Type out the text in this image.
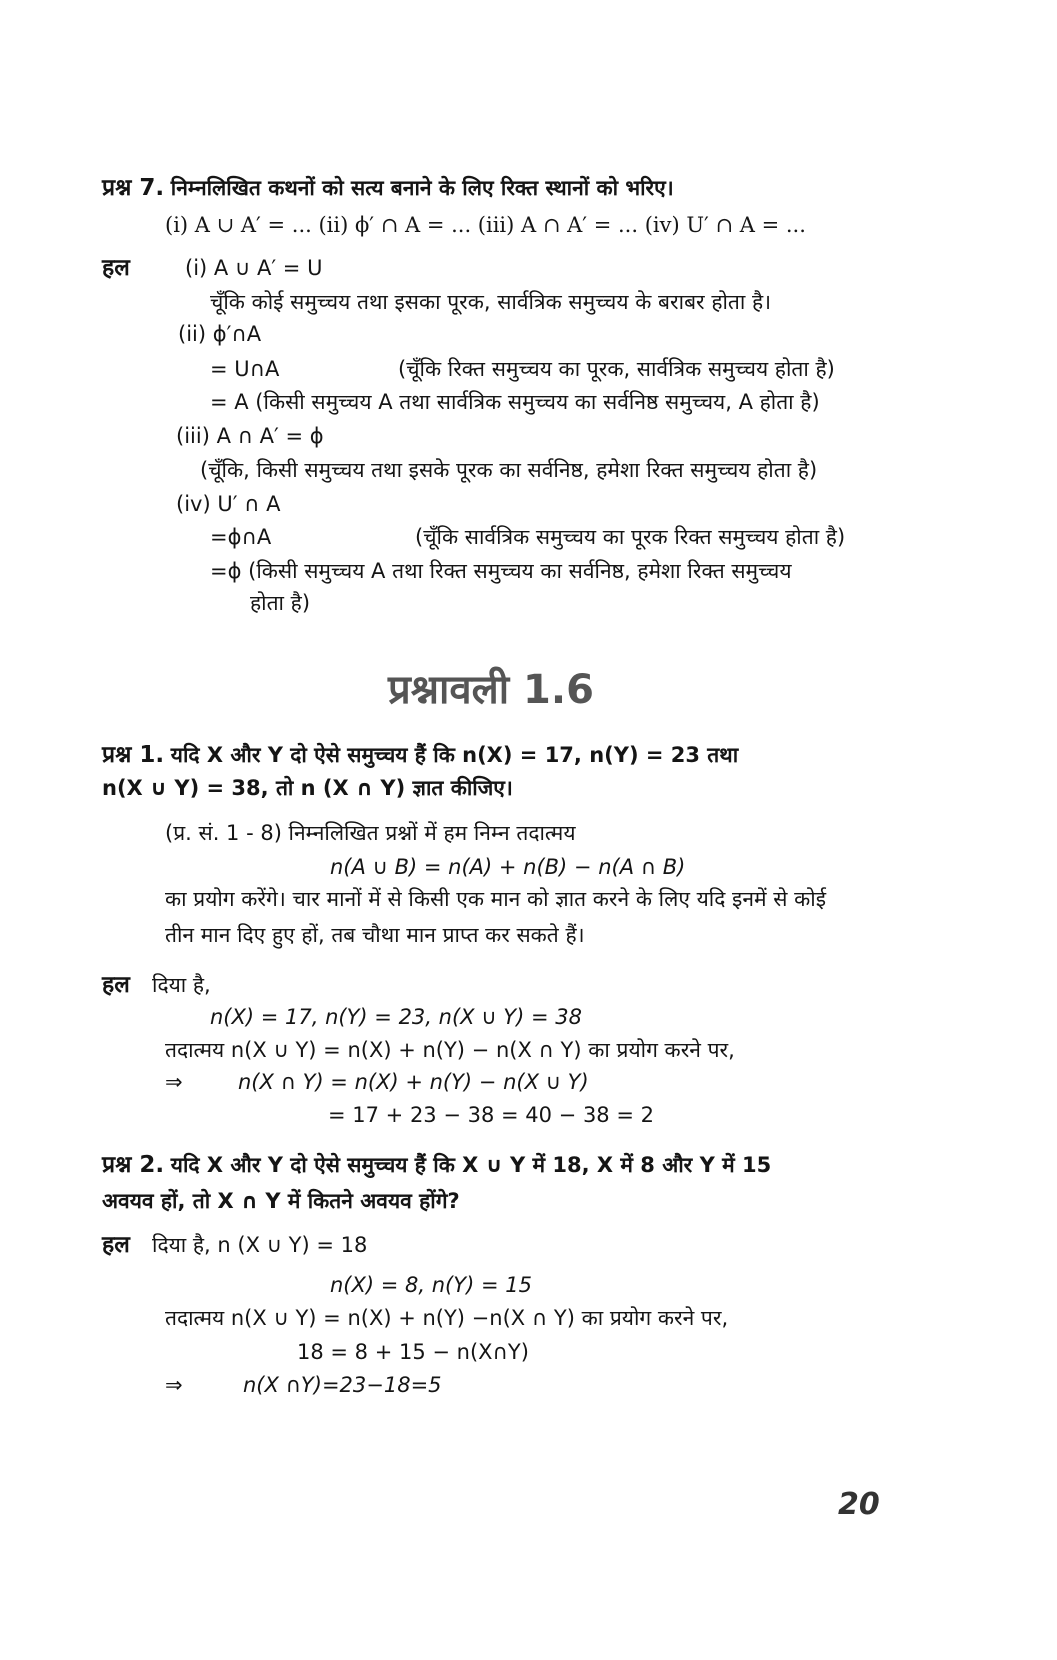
प्रश्न 7. निम्नलिखित कथनों को सत्य बनाने के लिए रिक्त स्थानों को भरिए।
(i) A ∪ A′ = ... (ii) ϕ′ ∩ A = ... (iii) A ∩ A′ = ... (iv) U′ ∩ A = ...
हल	(i) A ∪ A′ = U
चूँकि कोई समुच्चय तथा इसका पूरक, सार्वत्रिक समुच्चय के बराबर होता है।
(ii) ϕ′∩A
= U∩A	(चूँकि रिक्त समुच्चय का पूरक, सार्वत्रिक समुच्चय होता है)
= A (किसी समुच्चय A तथा सार्वत्रिक समुच्चय का सर्वनिष्ठ समुच्चय, A होता है)
(iii) A ∩ A′ = ϕ
(चूँकि, किसी समुच्चय तथा इसके पूरक का सर्वनिष्ठ, हमेशा रिक्त समुच्चय होता है)
(iv) U′ ∩ A
=ϕ∩A	(चूँकि सार्वत्रिक समुच्चय का पूरक रिक्त समुच्चय होता है)
=ϕ (किसी समुच्चय A तथा रिक्त समुच्चय का सर्वनिष्ठ, हमेशा रिक्त समुच्चय
होता है)
प्रश्नावली 1.6
प्रश्न 1. यदि X और Y दो ऐसे समुच्चय हैं कि n(X) = 17, n(Y) = 23 तथा
n(X ∪ Y) = 38, तो n (X ∩ Y) ज्ञात कीजिए।
(प्र. सं. 1 - 8) निम्नलिखित प्रश्नों में हम निम्न तदात्मय
n(A ∪ B) = n(A) + n(B) − n(A ∩ B)
का प्रयोग करेंगे। चार मानों में से किसी एक मान को ज्ञात करने के लिए यदि इनमें से कोई
तीन मान दिए हुए हों, तब चौथा मान प्राप्त कर सकते हैं।
हल दिया है,
n(X) = 17, n(Y) = 23, n(X ∪ Y) = 38
तदात्मय n(X ∪ Y) = n(X) + n(Y) − n(X ∩ Y) का प्रयोग करने पर,
⇒	n(X ∩ Y) = n(X) + n(Y) − n(X ∪ Y)
= 17 + 23 − 38 = 40 − 38 = 2
प्रश्न 2. यदि X और Y दो ऐसे समुच्चय हैं कि X ∪ Y में 18, X में 8 और Y में 15
अवयव हों, तो X ∩ Y में कितने अवयव होंगे?
हल दिया है, n (X ∪ Y) = 18
n(X) = 8, n(Y) = 15
तदात्मय n(X ∪ Y) = n(X) + n(Y) −n(X ∩ Y) का प्रयोग करने पर,
18 = 8 + 15 − n(X∩Y)
⇒	n(X ∩Y)=23−18=5
20
